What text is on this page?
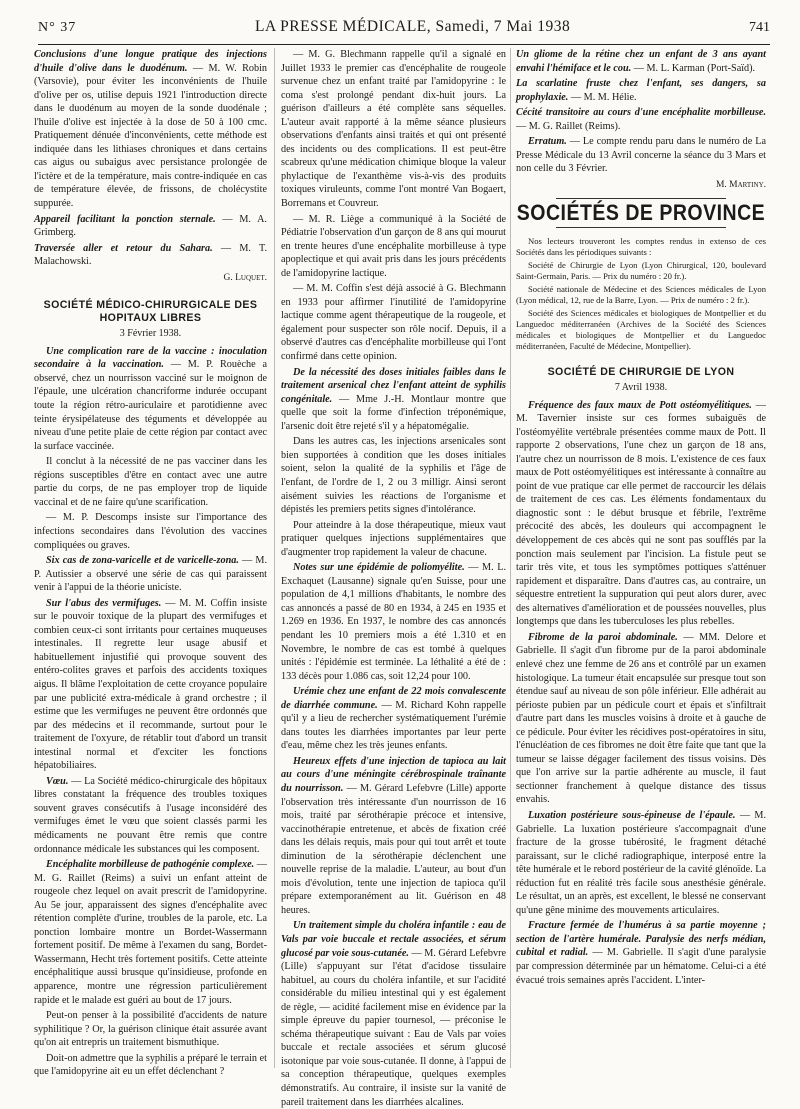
N° 37	LA PRESSE MÉDICALE, Samedi, 7 Mai 1938	741

Conclusions d'une longue pratique des injections d'huile d'olive dans le duodénum. — M. W. Robin (Varsovie), pour éviter les inconvénients de l'huile d'olive per os, utilise depuis 1921 l'introduction directe dans le duodénum au moyen de la sonde duodénale ; l'huile d'olive est injectée à la dose de 50 à 100 cmc. Pratiquement dénuée d'inconvénients, cette méthode est indiquée dans les lithiases chroniques et dans certains cas aigus ou subaigus avec persistance prolongée de l'ictère et de la température, mais contre-indiquée en cas de température élevée, de frissons, de cholécystite suppurée.

Appareil facilitant la ponction sternale. — M. A. Grimberg.

Traversée aller et retour du Sahara. — M. T. Malachowski.

G. Luquet.

SOCIÉTÉ MÉDICO-CHIRURGICALE DES HOPITAUX LIBRES
3 Février 1938.

Une complication rare de la vaccine : inoculation secondaire à la vaccination. — M. P. Rouèche a observé, chez un nourrisson vacciné sur le moignon de l'épaule, une ulcération chancriforme indurée occupant toute la région rétro-auriculaire et parotidienne avec teinte érysipélateuse des téguments et développée au niveau d'une petite plaie de cette région par contact avec la surface vaccinée.

Il conclut à la nécessité de ne pas vacciner dans les régions susceptibles d'être en contact avec une autre partie du corps, de ne pas employer trop de liquide vaccinal et de ne faire qu'une scarification.

— M. P. Descomps insiste sur l'importance des infections secondaires dans l'évolution des vaccines compliquées ou graves.

Six cas de zona-varicelle et de varicelle-zona. — M. P. Autissier a observé une série de cas qui paraissent venir à l'appui de la théorie unicíste.

Sur l'abus des vermifuges. — M. M. Coffin insiste sur le pouvoir toxique de la plupart des vermifuges et combien ceux-ci sont irritants pour certaines muqueuses intestinales. Il regrette leur usage abusif et habituellement injustifié qui provoque souvent des entéro-colites graves et parfois des accidents toxiques aigus. Il blâme l'exploitation de cette croyance populaire par une publicité extra-médicale à grand orchestre ; il estime que les vermifuges ne peuvent être ordonnés que par des médecins et il recommande, surtout pour le traitement de l'oxyure, de rétablir tout d'abord un transit intestinal normal et d'exciter les fonctions hépatobiliaires.

Vœu. — La Société médico-chirurgicale des hôpitaux libres constatant la fréquence des troubles toxiques souvent graves consécutifs à l'usage inconsidéré des vermifuges émet le vœu que soient classés parmi les médicaments ne pouvant être remis que contre ordonnance médicale les substances qui les composent.

Encéphalite morbilleuse de pathogénie complexe. — M. G. Raillet (Reims) a suivi un enfant atteint de rougeole chez lequel on avait prescrit de l'amidopyrine. Au 5e jour, apparaissent des signes d'encéphalite avec rétention complète d'urine, troubles de la parole, etc. La ponction lombaire montre un Bordet-Wassermann fortement positif. De même à l'examen du sang, Bordet-Wassermann, Hecht très fortement positifs. Cette atteinte encéphalitique aussi brusque qu'insidieuse, profonde en apparence, montre une régression particulièrement rapide et le malade est guéri au bout de 17 jours.

Peut-on penser à la possibilité d'accidents de nature syphilitique ? Or, la guérison clinique était assurée avant qu'on ait entrepris un traitement bismuthique.

Doit-on admettre que la syphilis a préparé le terrain et que l'amidopyrine ait eu un effet déclenchant ?

— M. G. Blechmann rappelle qu'il a signalé en Juillet 1933 le premier cas d'encéphalite de rougeole survenue chez un enfant traité par l'amidopyrine : le coma s'est prolongé pendant dix-huit jours. La guérison d'ailleurs a été complète sans séquelles. L'auteur avait rapporté à la même séance plusieurs observations d'enfants ainsi traités et qui ont présenté des incidents ou des complications. Il est peut-être scabreux qu'une médication chimique bloque la valeur phylactique de l'exanthème vis-à-vis des produits toxiques viruleunts, comme l'ont montré Van Bogaert, Borremans et Couvreur.

— M. R. Liège a communiqué à la Société de Pédiatrie l'observation d'un garçon de 8 ans qui mourut en trente heures d'une encéphalite morbilleuse à type apoplectique et qui avait pris dans les jours précédents de l'amidopyrine lactique.

— M. M. Coffin s'est déjà associé à G. Blechmann en 1933 pour affirmer l'inutilité de l'amidopyrine lactique comme agent thérapeutique de la rougeole, et également pour suspecter son rôle nocif. Depuis, il a observé d'autres cas d'encéphalite morbilleuse qui l'ont confirmé dans cette opinion.

De la nécessité des doses initiales faibles dans le traitement arsenical chez l'enfant atteint de syphilis congénitale. — Mme J.-H. Montlaur montre que quelle que soit la forme d'infection tréponémique, l'arsenic doit être rejeté s'il y a hépatomégalie.

Dans les autres cas, les injections arsenicales sont bien supportées à condition que les doses initiales soient, selon la qualité de la syphilis et l'âge de l'enfant, de l'ordre de 1, 2 ou 3 milligr. Ainsi seront aisément suivies les réactions de l'organisme et dépistés les premiers petits signes d'intolérance.

Pour atteindre à la dose thérapeutique, mieux vaut pratiquer quelques injections supplémentaires que d'augmenter trop rapidement la valeur de chacune.

Notes sur une épidémie de poliomyélite. — M. L. Exchaquet (Lausanne) signale qu'en Suisse, pour une population de 4,1 millions d'habitants, le nombre des cas annoncés a passé de 80 en 1934, à 245 en 1935 et 1.269 en 1936. En 1937, le nombre des cas annoncés pendant les 10 premiers mois a été 1.310 et en Novembre, le nombre de cas est tombé à quelques unités : l'épidémie est terminée. La léthalité a été de : 133 décès pour 1.086 cas, soit 12,24 pour 100.

Urémie chez une enfant de 22 mois convalescente de diarrhée commune. — M. Richard Kohn rappelle qu'il y a lieu de rechercher systématiquement l'urémie dans toutes les diarrhées importantes par leur perte d'eau, même chez les très jeunes enfants.

Heureux effets d'une injection de tapioca au lait au cours d'une méningite cérébrospinale traînante du nourrisson. — M. Gérard Lefebvre (Lille) apporte l'observation très intéressante d'un nourrisson de 16 mois, traité par sérothérapie précoce et intensive, vaccinothérapie entretenue, et abcès de fixation créé dans les délais requis, mais pour qui tout arrêt et toute diminution de la sérothérapie déclenchent une nouvelle reprise de la maladie. L'auteur, au bout d'un mois d'évolution, tente une injection de tapioca qu'il prépare extemporanément au lit. Guérison en 48 heures.

Un traitement simple du choléra infantile : eau de Vals par voie buccale et rectale associées, et sérum glucosé par voie sous-cutanée. — M. Gérard Lefebvre (Lille) s'appuyant sur l'état d'acidose tissulaire habituel, au cours du choléra infantile, et sur l'acidité considérable du milieu intestinal qui y est également de règle, — acidité facilement mise en évidence par la simple épreuve du papier tournesol, — préconise le schéma thérapeutique suivant : Eau de Vals par voies buccale et rectale associées et sérum glucosé isotonique par voie sous-cutanée. Il donne, à l'appui de sa conception thérapeutique, quelques exemples démonstratifs. Au contraire, il insiste sur la vanité de pareil traitement dans les diarrhées alcalines.

Un gliome de la rétine chez un enfant de 3 ans ayant envahi l'hémiface et le cou. — M. L. Karman (Port-Saïd).

La scarlatine fruste chez l'enfant, ses dangers, sa prophylaxie. — M. M. Hélie.

Cécité transitoire au cours d'une encéphalite morbilleuse. — M. G. Raillet (Reims).

Erratum. — Le compte rendu paru dans le numéro de La Presse Médicale du 13 Avril concerne la séance du 3 Mars et non celle du 3 Février.

M. Martiny.

SOCIÉTÉS DE PROVINCE

Nos lecteurs trouveront les comptes rendus in extenso de ces Sociétés dans les périodiques suivants :

Société de Chirurgie de Lyon (Lyon Chirurgical, 120, boulevard Saint-Germain, Paris. — Prix du numéro : 20 fr.).

Société nationale de Médecine et des Sciences médicales de Lyon (Lyon médical, 12, rue de la Barre, Lyon. — Prix de numéro : 2 fr.).

Société des Sciences médicales et biologiques de Montpellier et du Languedoc méditerranéen (Archives de la Société des Sciences médicales et biologiques de Montpellier et du Languedoc méditerranéen, Faculté de Médecine, Montpellier).

SOCIÉTÉ DE CHIRURGIE DE LYON
7 Avril 1938.

Fréquence des faux maux de Pott ostéomyélitiques. — M. Tavernier insiste sur ces formes subaiguës de l'ostéomyélite vertébrale présentées comme maux de Pott. Il rapporte 2 observations, l'une chez un garçon de 18 ans, l'autre chez un nourrisson de 8 mois. L'existence de ces faux maux de Pott ostéomyélitiques est intéressante à connaître au point de vue pratique car elle permet de raccourcir les délais de traitement de ces cas. Les éléments fondamentaux du diagnostic sont : le début brusque et fébrile, l'extrême précocité des abcès, les douleurs qui accompagnent le développement de ces abcès qui ne sont pas soufflés par la ponction mais seulement par l'incision. La fistule peut se tarir très vite, et tous les symptômes pottiques s'atténuer rapidement et disparaître. Dans d'autres cas, au contraire, un séquestre entretient la suppuration qui peut alors durer, avec des alternatives d'amélioration et de poussées nouvelles, plus longtemps que dans les tuberculoses les plus rebelles.

Fibrome de la paroi abdominale. — MM. Delore et Gabrielle. Il s'agit d'un fibrome pur de la paroi abdominale enlevé chez une femme de 26 ans et contrôlé par un examen histologique. La tumeur était encapsulée sur presque tout son étendue sauf au niveau de son pôle inférieur. Elle adhérait au périoste pubien par un pédicule court et épais et s'infiltrait d'autre part dans les muscles voisins à droite et à gauche de ce pédicule. Pour éviter les récidives post-opératoires in situ, l'énucléation de ces fibromes ne doit être faite que tant que la tumeur se laisse dégager facilement des tissus voisins. Dès que l'on arrive sur la partie adhérente au muscle, il faut sectionner franchement à quelque distance des tissus envahis.

Luxation postérieure sous-épineuse de l'épaule. — M. Gabrielle. La luxation postérieure s'accompagnait d'une fracture de la grosse tubérosité, le fragment détaché paraissant, sur le cliché radiographique, interposé entre la tête humérale et le rebord postérieur de la cavité glénoïde. La réduction fut en réalité très facile sous anesthésie générale. Le résultat, un an après, est excellent, le blessé ne conservant qu'une gêne minime des mouvements articulaires.

Fracture fermée de l'humérus à sa partie moyenne ; section de l'artère humérale. Paralysie des nerfs médian, cubital et radial. — M. Gabrielle. Il s'agit d'une paralysie par compression déterminée par un hématome. Celui-ci a été évacué trois semaines après l'accident. L'inter-
